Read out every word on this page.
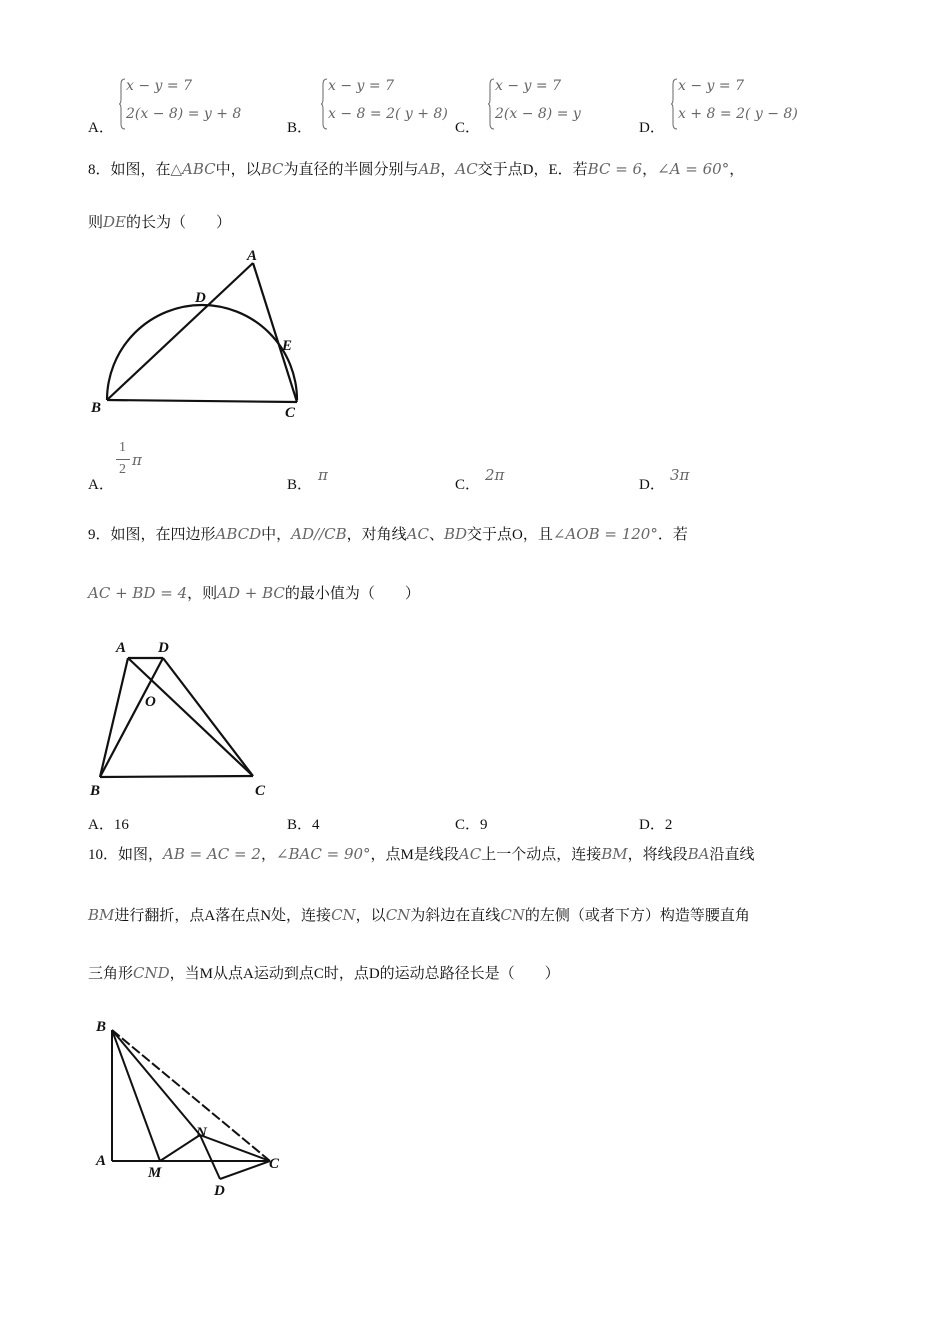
A．
x − y = 7
2(x − 8) = y + 8
B．
x − y = 7
x − 8 = 2( y + 8)
C．
x − y = 7
2(x − 8) = y
D．
x − y = 7
x + 8 = 2( y − 8)
8．如图，在△ABC中，以BC为直径的半圆分别与AB，AC交于点D，E．若BC = 6，∠A = 60°，
则DE的长为（　　）
A
D
E
B	C
A．
1
2
π
B．
π
C．
2π
D．
3π
9．如图，在四边形ABCD中，AD//CB，对角线AC、BD交于点O，且∠AOB = 120°．若
AC + BD = 4，则AD + BC的最小值为（　　）
A D
O
B	C
A．16	B．4	C．9	D．2
10．如图，AB = AC = 2，∠BAC = 90°，点M是线段AC上一个动点，连接BM，将线段BA沿直线
BM进行翻折，点A落在点N处，连接CN，以CN为斜边在直线CN的左侧（或者下方）构造等腰直角
三角形CND，当M从点A运动到点C时，点D的运动总路径长是（　　）
B
A
M
N
C
D
